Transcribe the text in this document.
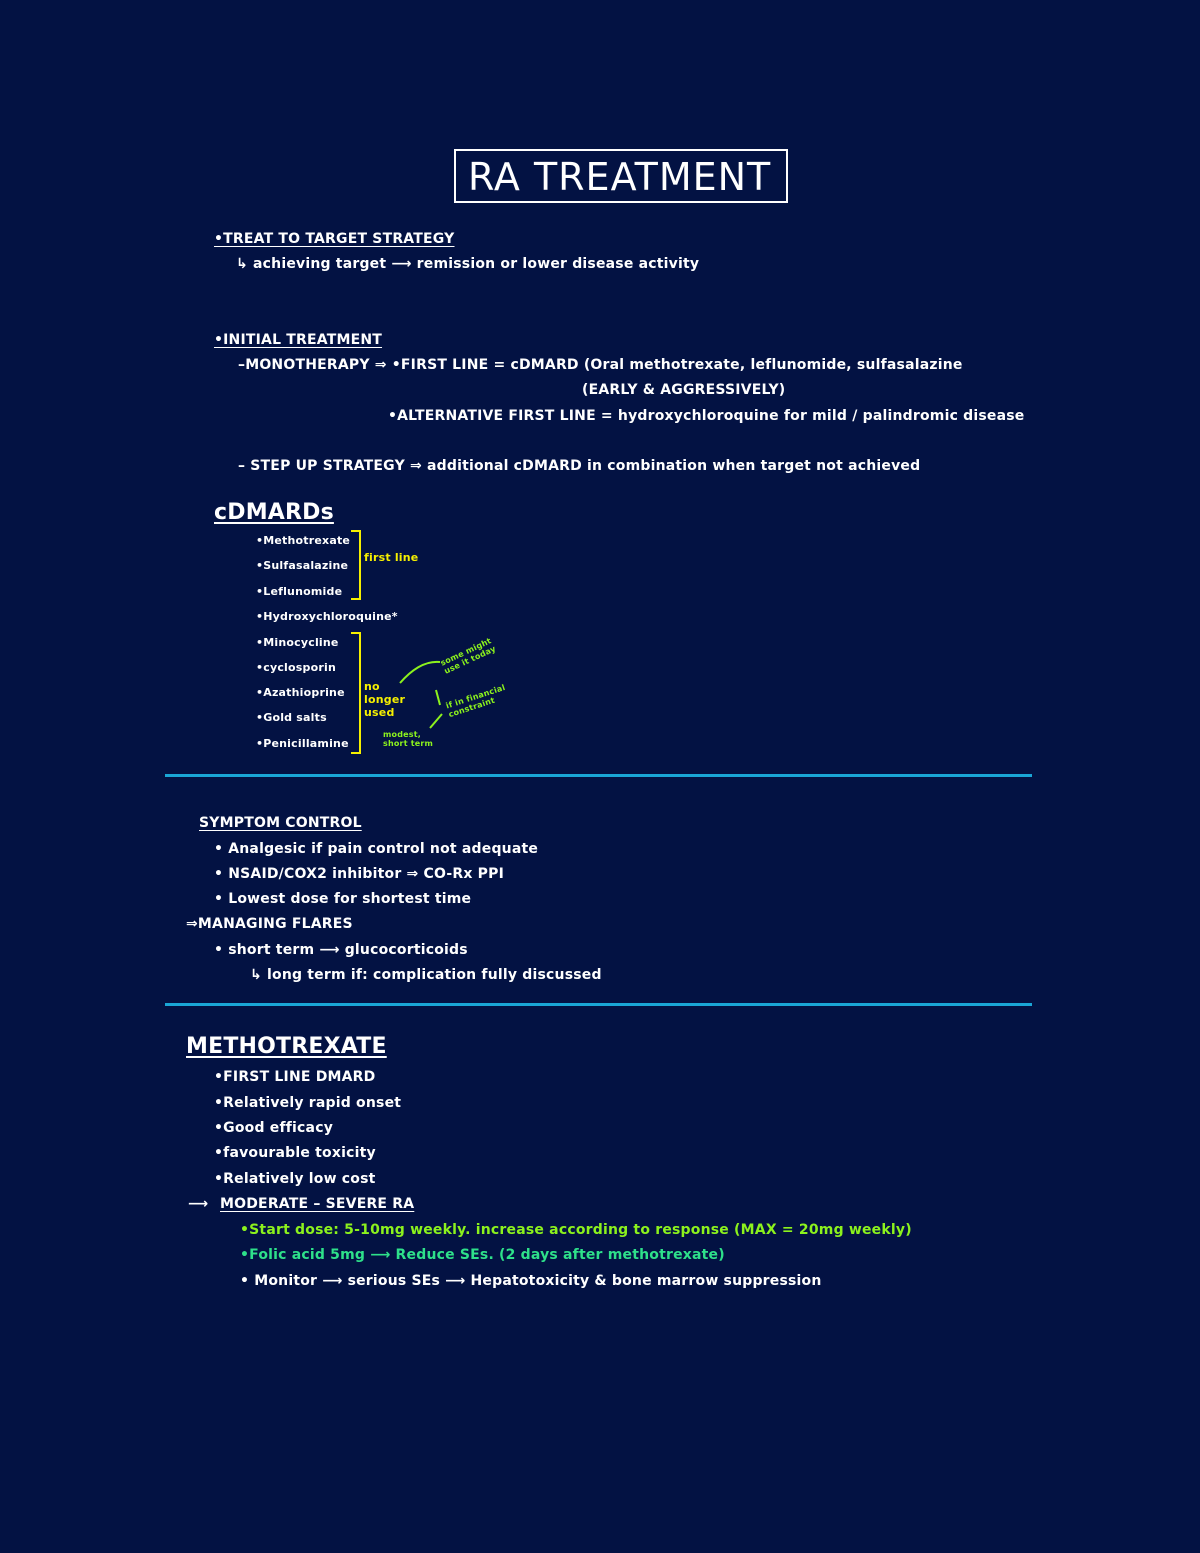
RA TREATMENT
•TREAT TO TARGET STRATEGY
↳ achieving target ⟶ remission or lower disease activity
•INITIAL TREATMENT
–MONOTHERAPY ⇒ •FIRST LINE = cDMARD (Oral methotrexate, leflunomide, sulfasalazine
(EARLY & AGGRESSIVELY)
•ALTERNATIVE FIRST LINE = hydroxychloroquine for mild / palindromic disease
– STEP UP STRATEGY ⇒ additional cDMARD in combination when target not achieved
cDMARDs
•Methotrexate
•Sulfasalazine
•Leflunomide
•Hydroxychloroquine*
•Minocycline
•cyclosporin
•Azathioprine
•Gold salts
•Penicillamine
first line
no longer used
some might use it today
if in financial constraint
modest, short term
SYMPTOM CONTROL
• Analgesic if pain control not adequate
• NSAID/COX2 inhibitor ⇒ CO-Rx PPI
• Lowest dose for shortest time
⇒MANAGING FLARES
• short term ⟶ glucocorticoids
↳ long term if: complication fully discussed
METHOTREXATE
•FIRST LINE DMARD
•Relatively rapid onset
•Good efficacy
•favourable toxicity
•Relatively low cost
⟶ MODERATE – SEVERE RA
•Start dose: 5-10mg weekly. increase according to response (MAX = 20mg weekly)
•Folic acid 5mg ⟶ Reduce SEs. (2 days after methotrexate)
• Monitor ⟶ serious SEs ⟶ Hepatotoxicity & bone marrow suppression
